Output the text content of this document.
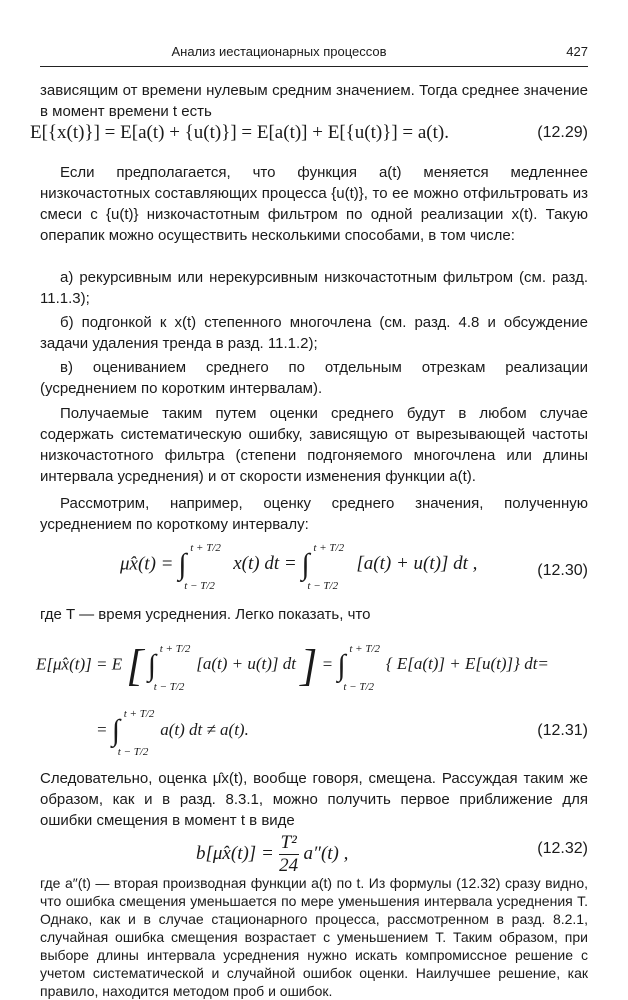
Анализ иестационарных процессов	427

зависящим от времени нулевым средним значением. Тогда среднее значение в момент времени t есть

E[{x(t)}] = E[a(t) + {u(t)}] = E[a(t)] + E[{u(t)}] = a(t).	(12.29)

Если предполагается, что функция a(t) меняется медленнее низкочастотных составляющих процесса {u(t)}, то ее можно отфильтровать из смеси с {u(t)} низкочастотным фильтром по одной реализации x(t). Такую операпик можно осуществить несколькими способами, в том числе:

а) рекурсивным или нерекурсивным низкочастотным фильтром (см. разд. 11.1.3);

б) подгонкой к x(t) степенного многочлена (см. разд. 4.8 и обсуждение задачи удаления тренда в разд. 11.1.2);

в) оцениванием среднего по отдельным отрезкам реализации (усреднением по коротким интервалам).

Получаемые таким путем оценки среднего будут в любом случае содержать систематическую ошибку, зависящую от вырезывающей частоты низкочастотного фильтра (степени подгоняемого многочлена или длины интервала усреднения) и от скорости изменения функции a(t).

Рассмотрим, например, оценку среднего значения, полученную усреднением по короткому интервалу:

μ̂x(t) = ∫ t + T/2
t − T/2
x(t) dt = ∫ t + T/2
t − T/2
[a(t) + u(t)] dt ,	(12.30)

где T — время усреднения. Легко показать, что

E[μ̂x(t)] = E [ ∫ t + T/2
t − T/2
[a(t) + u(t)] dt ] = ∫ t + T/2
t − T/2
{ E[a(t)] + E[u(t)]} dt=
= ∫ t + T/2
t − T/2
a(t) dt ≠ a(t).	(12.31)

Следовательно, оценка μ̂x(t), вообще говоря, смещена. Рассуждая таким же образом, как и в разд. 8.3.1, можно получить первое приближение для ошибки смещения в момент t в виде

b[μ̂x(t)] = $\frac{\text{T²}}{24} a''(t)$ ,	(12.32)

где a″(t) — вторая производная функции a(t) по t. Из формулы (12.32) сразу видно, что ошибка смещения уменьшается по мере уменьшения интервала усреднения T. Однако, как и в случае стационарного процесса, рассмотренном в разд. 8.2.1, случайная ошибка смещения возрастает с уменьшением T. Таким образом, при выборе длины интервала усреднения нужно искать компромиссное решение с учетом систематической и случайной ошибок оценки. Наилучшее решение, как правило, находится методом проб и ошибок.
